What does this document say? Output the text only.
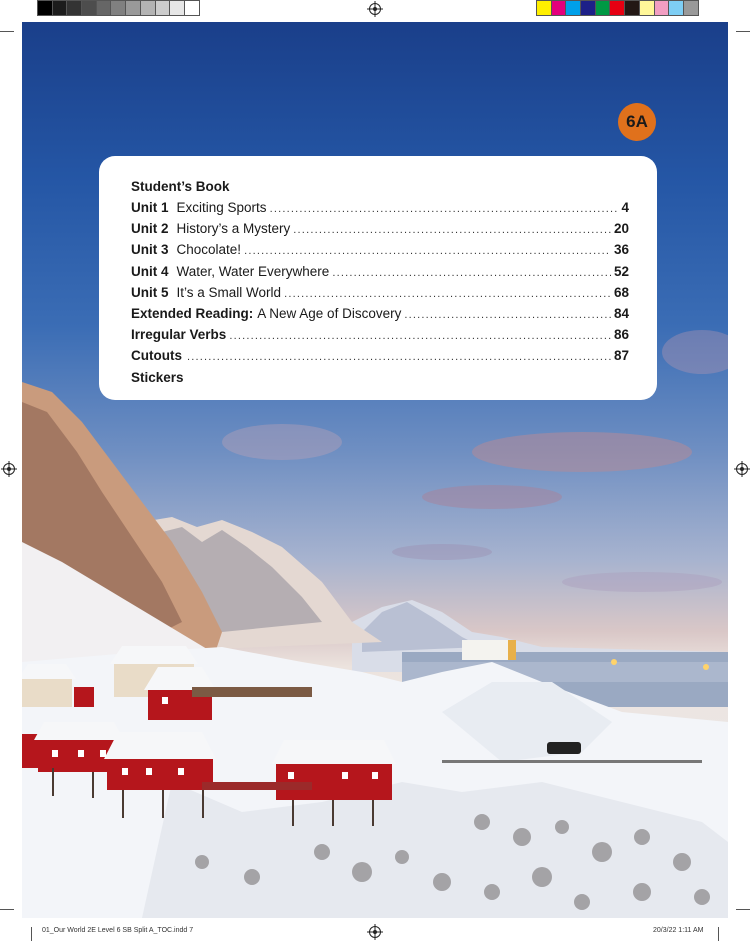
6A
Student’s Book
Unit 1 Exciting Sports .....	4
Unit 2 History’s a Mystery .....	20
Unit 3 Chocolate! .....	36
Unit 4 Water, Water Everywhere .....	52
Unit 5 It’s a Small World .....	68
Extended Reading: A New Age of Discovery .....	84
Irregular Verbs .....	86
Cutouts .....	87
Stickers
01_Our World 2E Level 6 SB Split A_TOC.indd 7	20/3/22 1:11 AM
